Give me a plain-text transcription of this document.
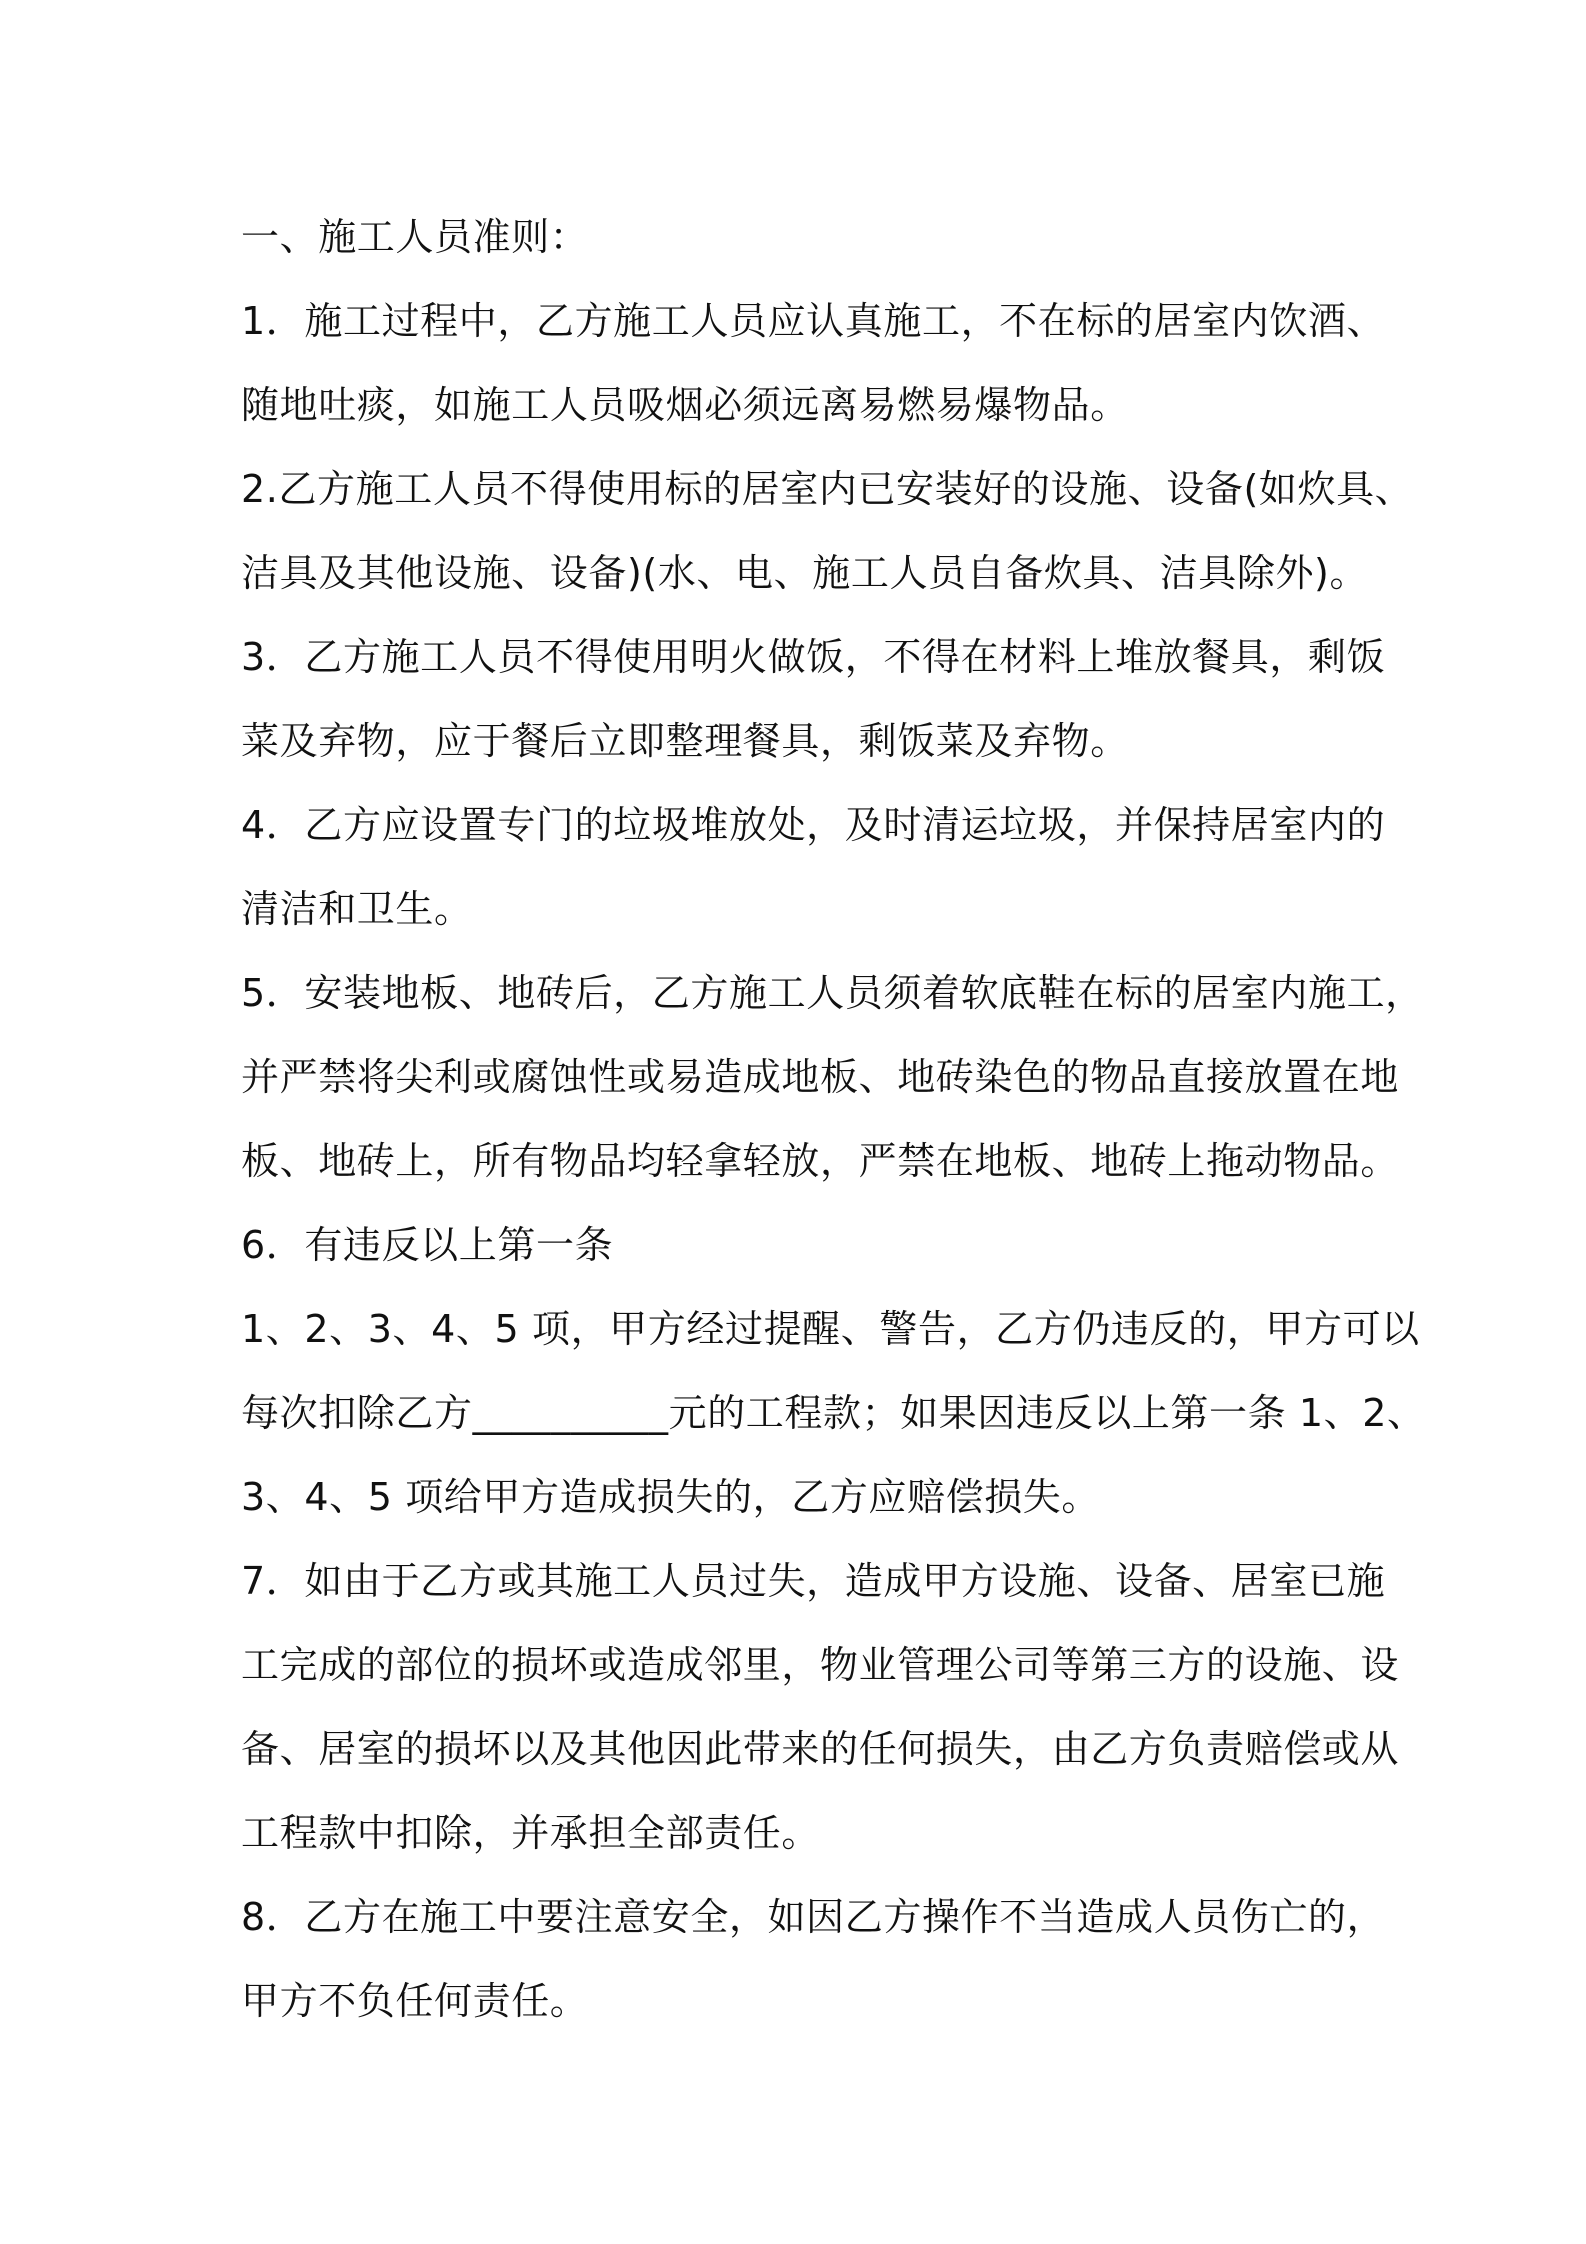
一、施工人员准则：
1．施工过程中，乙方施工人员应认真施工，不在标的居室内饮酒、
随地吐痰，如施工人员吸烟必须远离易燃易爆物品。
2.乙方施工人员不得使用标的居室内已安装好的设施、设备(如炊具、
洁具及其他设施、设备)(水、电、施工人员自备炊具、洁具除外)。
3．乙方施工人员不得使用明火做饭，不得在材料上堆放餐具，剩饭
菜及弃物，应于餐后立即整理餐具，剩饭菜及弃物。
4．乙方应设置专门的垃圾堆放处，及时清运垃圾，并保持居室内的
清洁和卫生。
5．安装地板、地砖后，乙方施工人员须着软底鞋在标的居室内施工，
并严禁将尖利或腐蚀性或易造成地板、地砖染色的物品直接放置在地
板、地砖上，所有物品均轻拿轻放，严禁在地板、地砖上拖动物品。
6．有违反以上第一条
1、2、3、4、5 项，甲方经过提醒、警告，乙方仍违反的，甲方可以
每次扣除乙方__________元的工程款；如果因违反以上第一条 1、2、
3、4、5 项给甲方造成损失的，乙方应赔偿损失。
7．如由于乙方或其施工人员过失，造成甲方设施、设备、居室已施
工完成的部位的损坏或造成邻里，物业管理公司等第三方的设施、设
备、居室的损坏以及其他因此带来的任何损失，由乙方负责赔偿或从
工程款中扣除，并承担全部责任。
8．乙方在施工中要注意安全，如因乙方操作不当造成人员伤亡的，
甲方不负任何责任。
